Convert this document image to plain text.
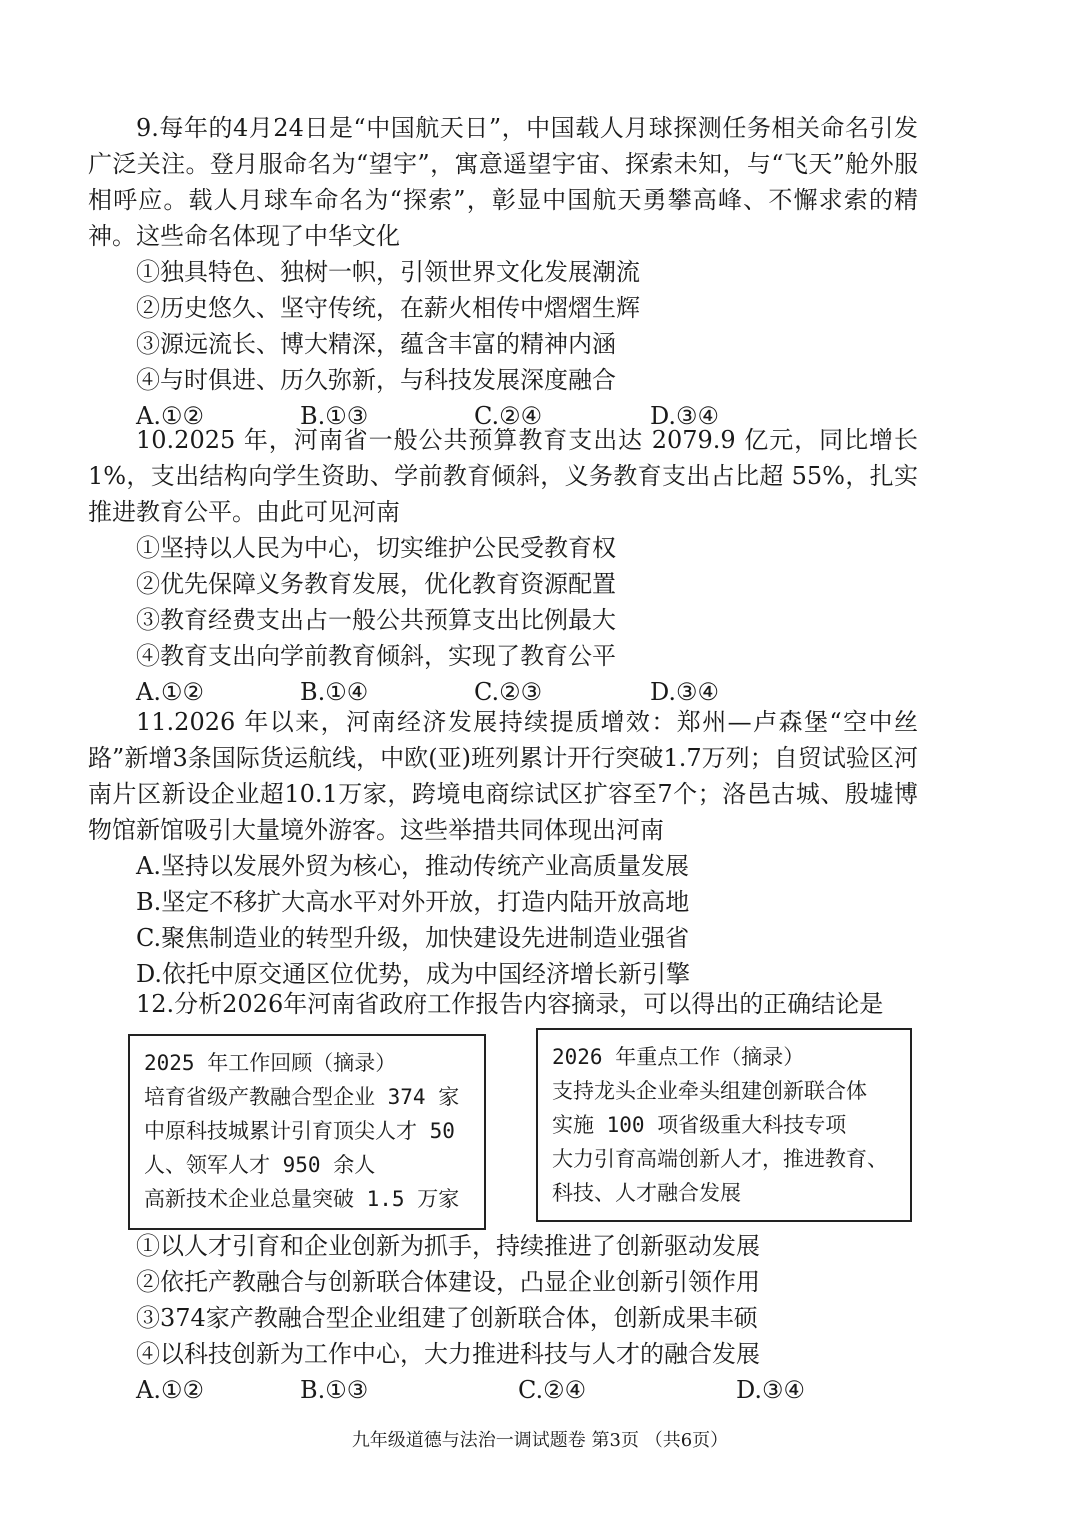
9.每年的4月24日是“中国航天日”，中国载人月球探测任务相关命名引发广泛关注。登月服命名为“望宇”，寓意遥望宇宙、探索未知，与“飞天”舱外服相呼应。载人月球车命名为“探索”，彰显中国航天勇攀高峰、不懈求索的精神。这些命名体现了中华文化

①独具特色、独树一帜，引领世界文化发展潮流

②历史悠久、坚守传统，在薪火相传中熠熠生辉

③源远流长、博大精深，蕴含丰富的精神内涵

④与时俱进、历久弥新，与科技发展深度融合

A.①②	B.①③	C.②④	D.③④

10.2025 年，河南省一般公共预算教育支出达 2079.9 亿元，同比增长1%，支出结构向学生资助、学前教育倾斜，义务教育支出占比超 55%，扎实推进教育公平。由此可见河南

①坚持以人民为中心，切实维护公民受教育权

②优先保障义务教育发展，优化教育资源配置

③教育经费支出占一般公共预算支出比例最大

④教育支出向学前教育倾斜，实现了教育公平

A.①②	B.①④	C.②③	D.③④

11.2026 年以来，河南经济发展持续提质增效：郑州—卢森堡“空中丝路”新增3条国际货运航线，中欧(亚)班列累计开行突破1.7万列；自贸试验区河南片区新设企业超10.1万家，跨境电商综试区扩容至7个；洛邑古城、殷墟博物馆新馆吸引大量境外游客。这些举措共同体现出河南

A.坚持以发展外贸为核心，推动传统产业高质量发展

B.坚定不移扩大高水平对外开放，打造内陆开放高地

C.聚焦制造业的转型升级，加快建设先进制造业强省

D.依托中原交通区位优势，成为中国经济增长新引擎

12.分析2026年河南省政府工作报告内容摘录，可以得出的正确结论是

2025 年工作回顾（摘录）
培育省级产教融合型企业 374 家
中原科技城累计引育顶尖人才 50
人、领军人才 950 余人
高新技术企业总量突破 1.5 万家
2026 年重点工作（摘录）
支持龙头企业牵头组建创新联合体
实施 100 项省级重大科技专项
大力引育高端创新人才，推进教育、
科技、人才融合发展

①以人才引育和企业创新为抓手，持续推进了创新驱动发展

②依托产教融合与创新联合体建设，凸显企业创新引领作用

③374家产教融合型企业组建了创新联合体，创新成果丰硕

④以科技创新为工作中心，大力推进科技与人才的融合发展

A.①②	B.①③	C.②④	D.③④
九年级道德与法治一调试题卷 第3页 （共6页）
